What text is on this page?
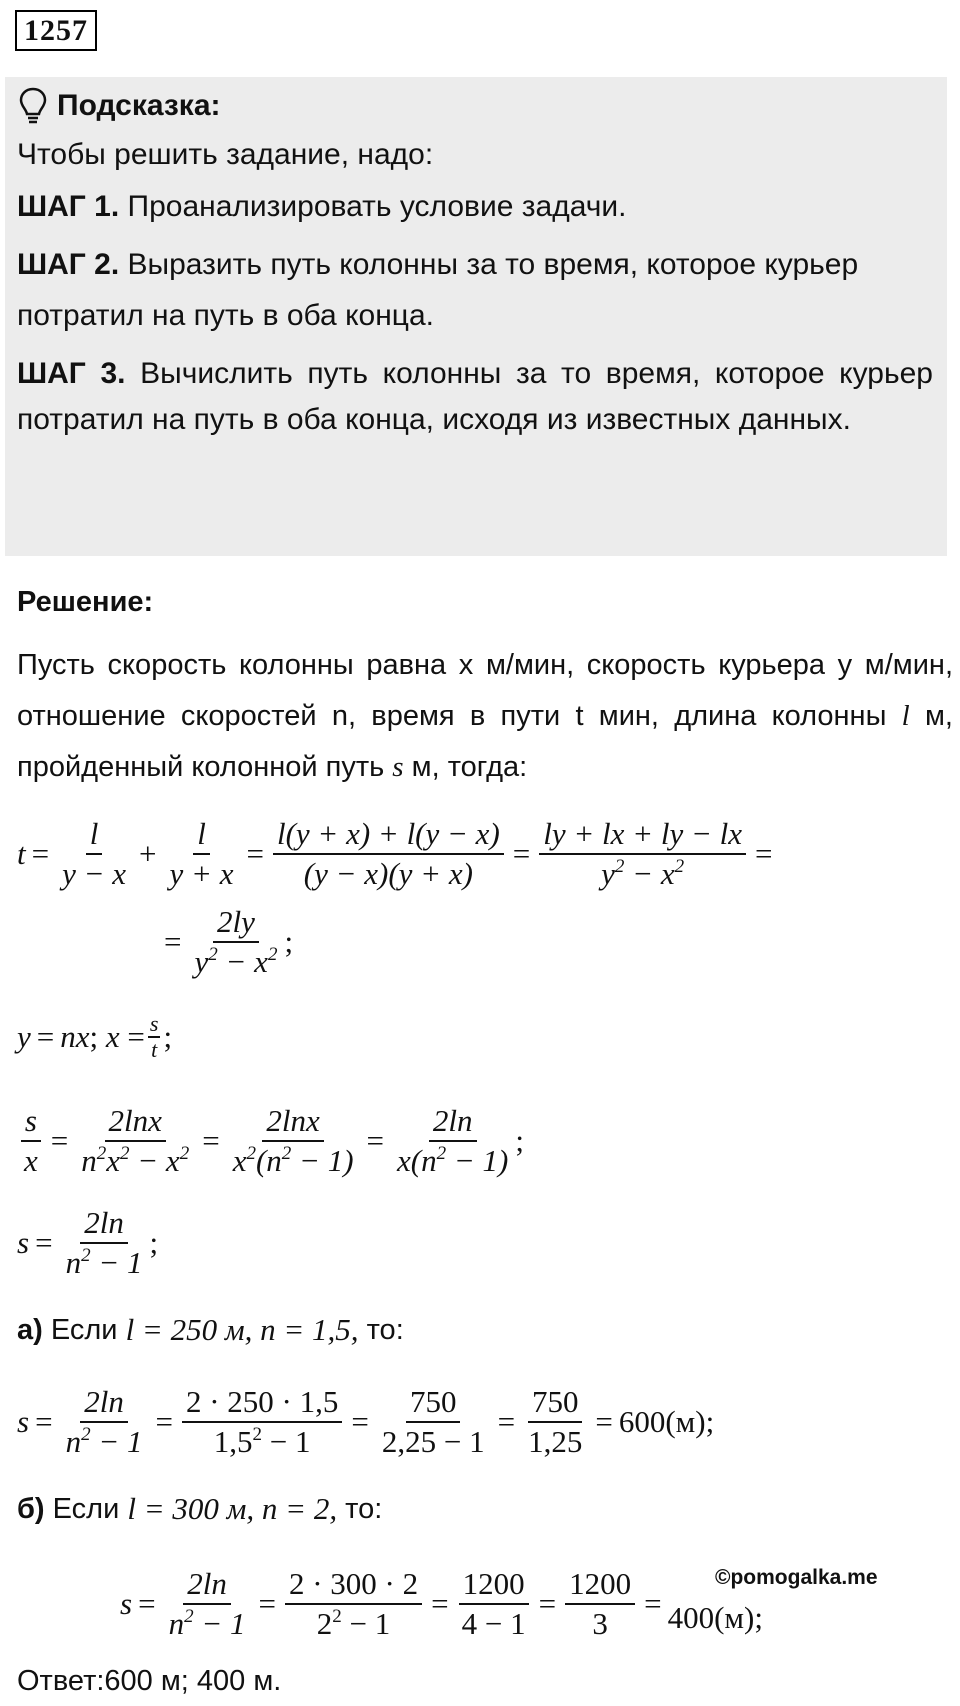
1257
Подсказка:

Чтобы решить задание, надо:

ШАГ 1. Проанализировать условие задачи.

ШАГ 2. Выразить путь колонны за то время, которое курьер потратил на путь в оба конца.

ШАГ 3. Вычислить путь колонны за то время, которое курьер потратил на путь в оба конца, исходя из известных данных.

Решение:

Пусть скорость колонны равна x м/мин, скорость курьера y м/мин, отношение скоростей n, время в пути t мин, длина колонны l м, пройденный колонной путь s м, тогда:

$t = \frac{l}{y - x} + \frac{l}{y + x} = \frac{l(y + x) + l(y - x)}{(y - x)(y + x)} = \frac{ly + lx + ly - lx}{y^2 - x^2}$ =
= $\frac{2ly}{y^2 - x^2}$ ;
y = nx ; $x = \frac{s}{t}$ ;
$\frac{s}{x} = \frac{2\ln x}{n^2x^2 - x^2} = \frac{2\ln x}{x^2(n^2 - 1)} = \frac{2\ln}{x(n^2 - 1)}$ ;
$s = \frac{2\ln}{n^2 - 1}$ ;
а) Если l = 250 м, n = 1,5, то:
$s = \frac{2\ln}{n^2 - 1} = \frac{2 \cdot 250 \cdot 1,5}{1,5^2 - 1} = \frac{750}{2,25 - 1} = \frac{750}{1,25} = 600(м)$;
б) Если l = 300 м, n = 2, то:
$s = \frac{2\ln}{n^2 - 1} = \frac{2 \cdot 300 \cdot 2}{2^2 - 1} = \frac{1200}{4 - 1} = \frac{1200}{3} = 400(м)$;
©pomogalka.me
Ответ:600 м; 400 м.
